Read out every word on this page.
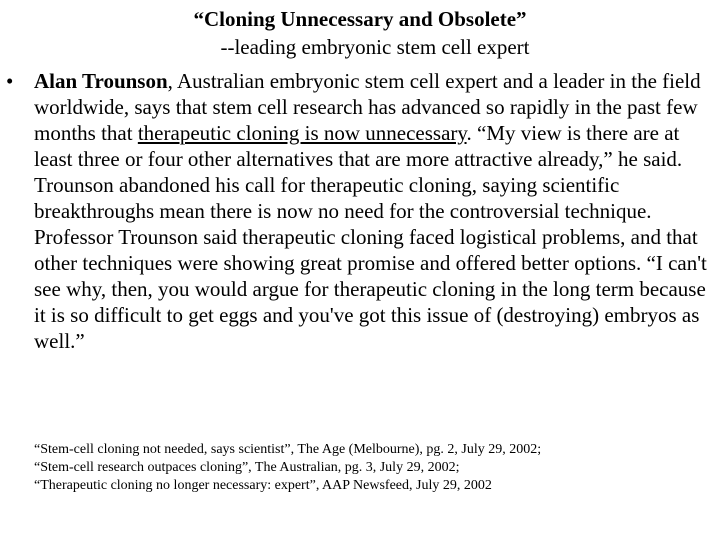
“Cloning Unnecessary and Obsolete”
--leading embryonic stem cell expert
• Alan Trounson, Australian embryonic stem cell expert and a leader in the field worldwide, says that stem cell research has advanced so rapidly in the past few months that therapeutic cloning is now unnecessary. “My view is there are at least three or four other alternatives that are more attractive already,” he said.

Trounson abandoned his call for therapeutic cloning, saying scientific breakthroughs mean there is now no need for the controversial technique.

Professor Trounson said therapeutic cloning faced logistical problems, and that other techniques were showing great promise and offered better options. “I can't see why, then, you would argue for therapeutic cloning in the long term because it is so difficult to get eggs and you've got this issue of (destroying) embryos as well.”

“Stem-cell cloning not needed, says scientist”, The Age (Melbourne), pg. 2, July 29, 2002;

“Stem-cell research outpaces cloning”, The Australian, pg. 3, July 29, 2002;

“Therapeutic cloning no longer necessary: expert”, AAP Newsfeed, July 29, 2002
